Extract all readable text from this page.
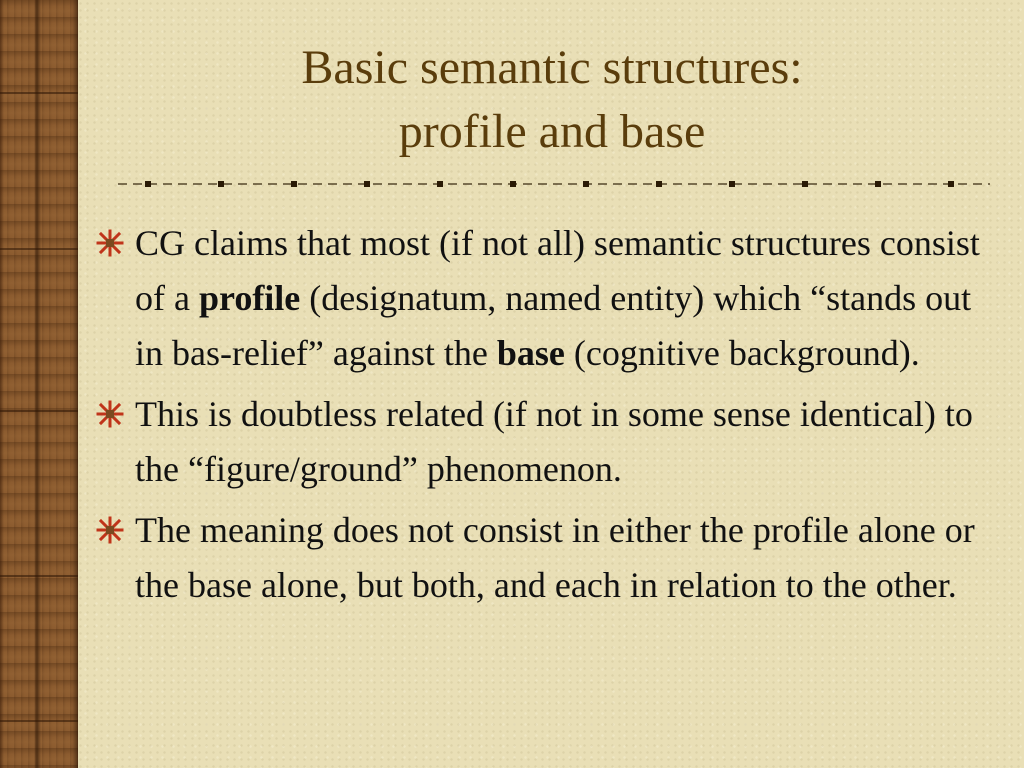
Basic semantic structures:
profile and base
CG claims that most (if not all) semantic structures consist of a profile (designatum, named entity) which “stands out in bas-relief” against the base (cognitive background).
This is doubtless related (if not in some sense identical) to the “figure/ground” phenomenon.
The meaning does not consist in either the profile alone or the base alone, but both, and each in relation to the other.
